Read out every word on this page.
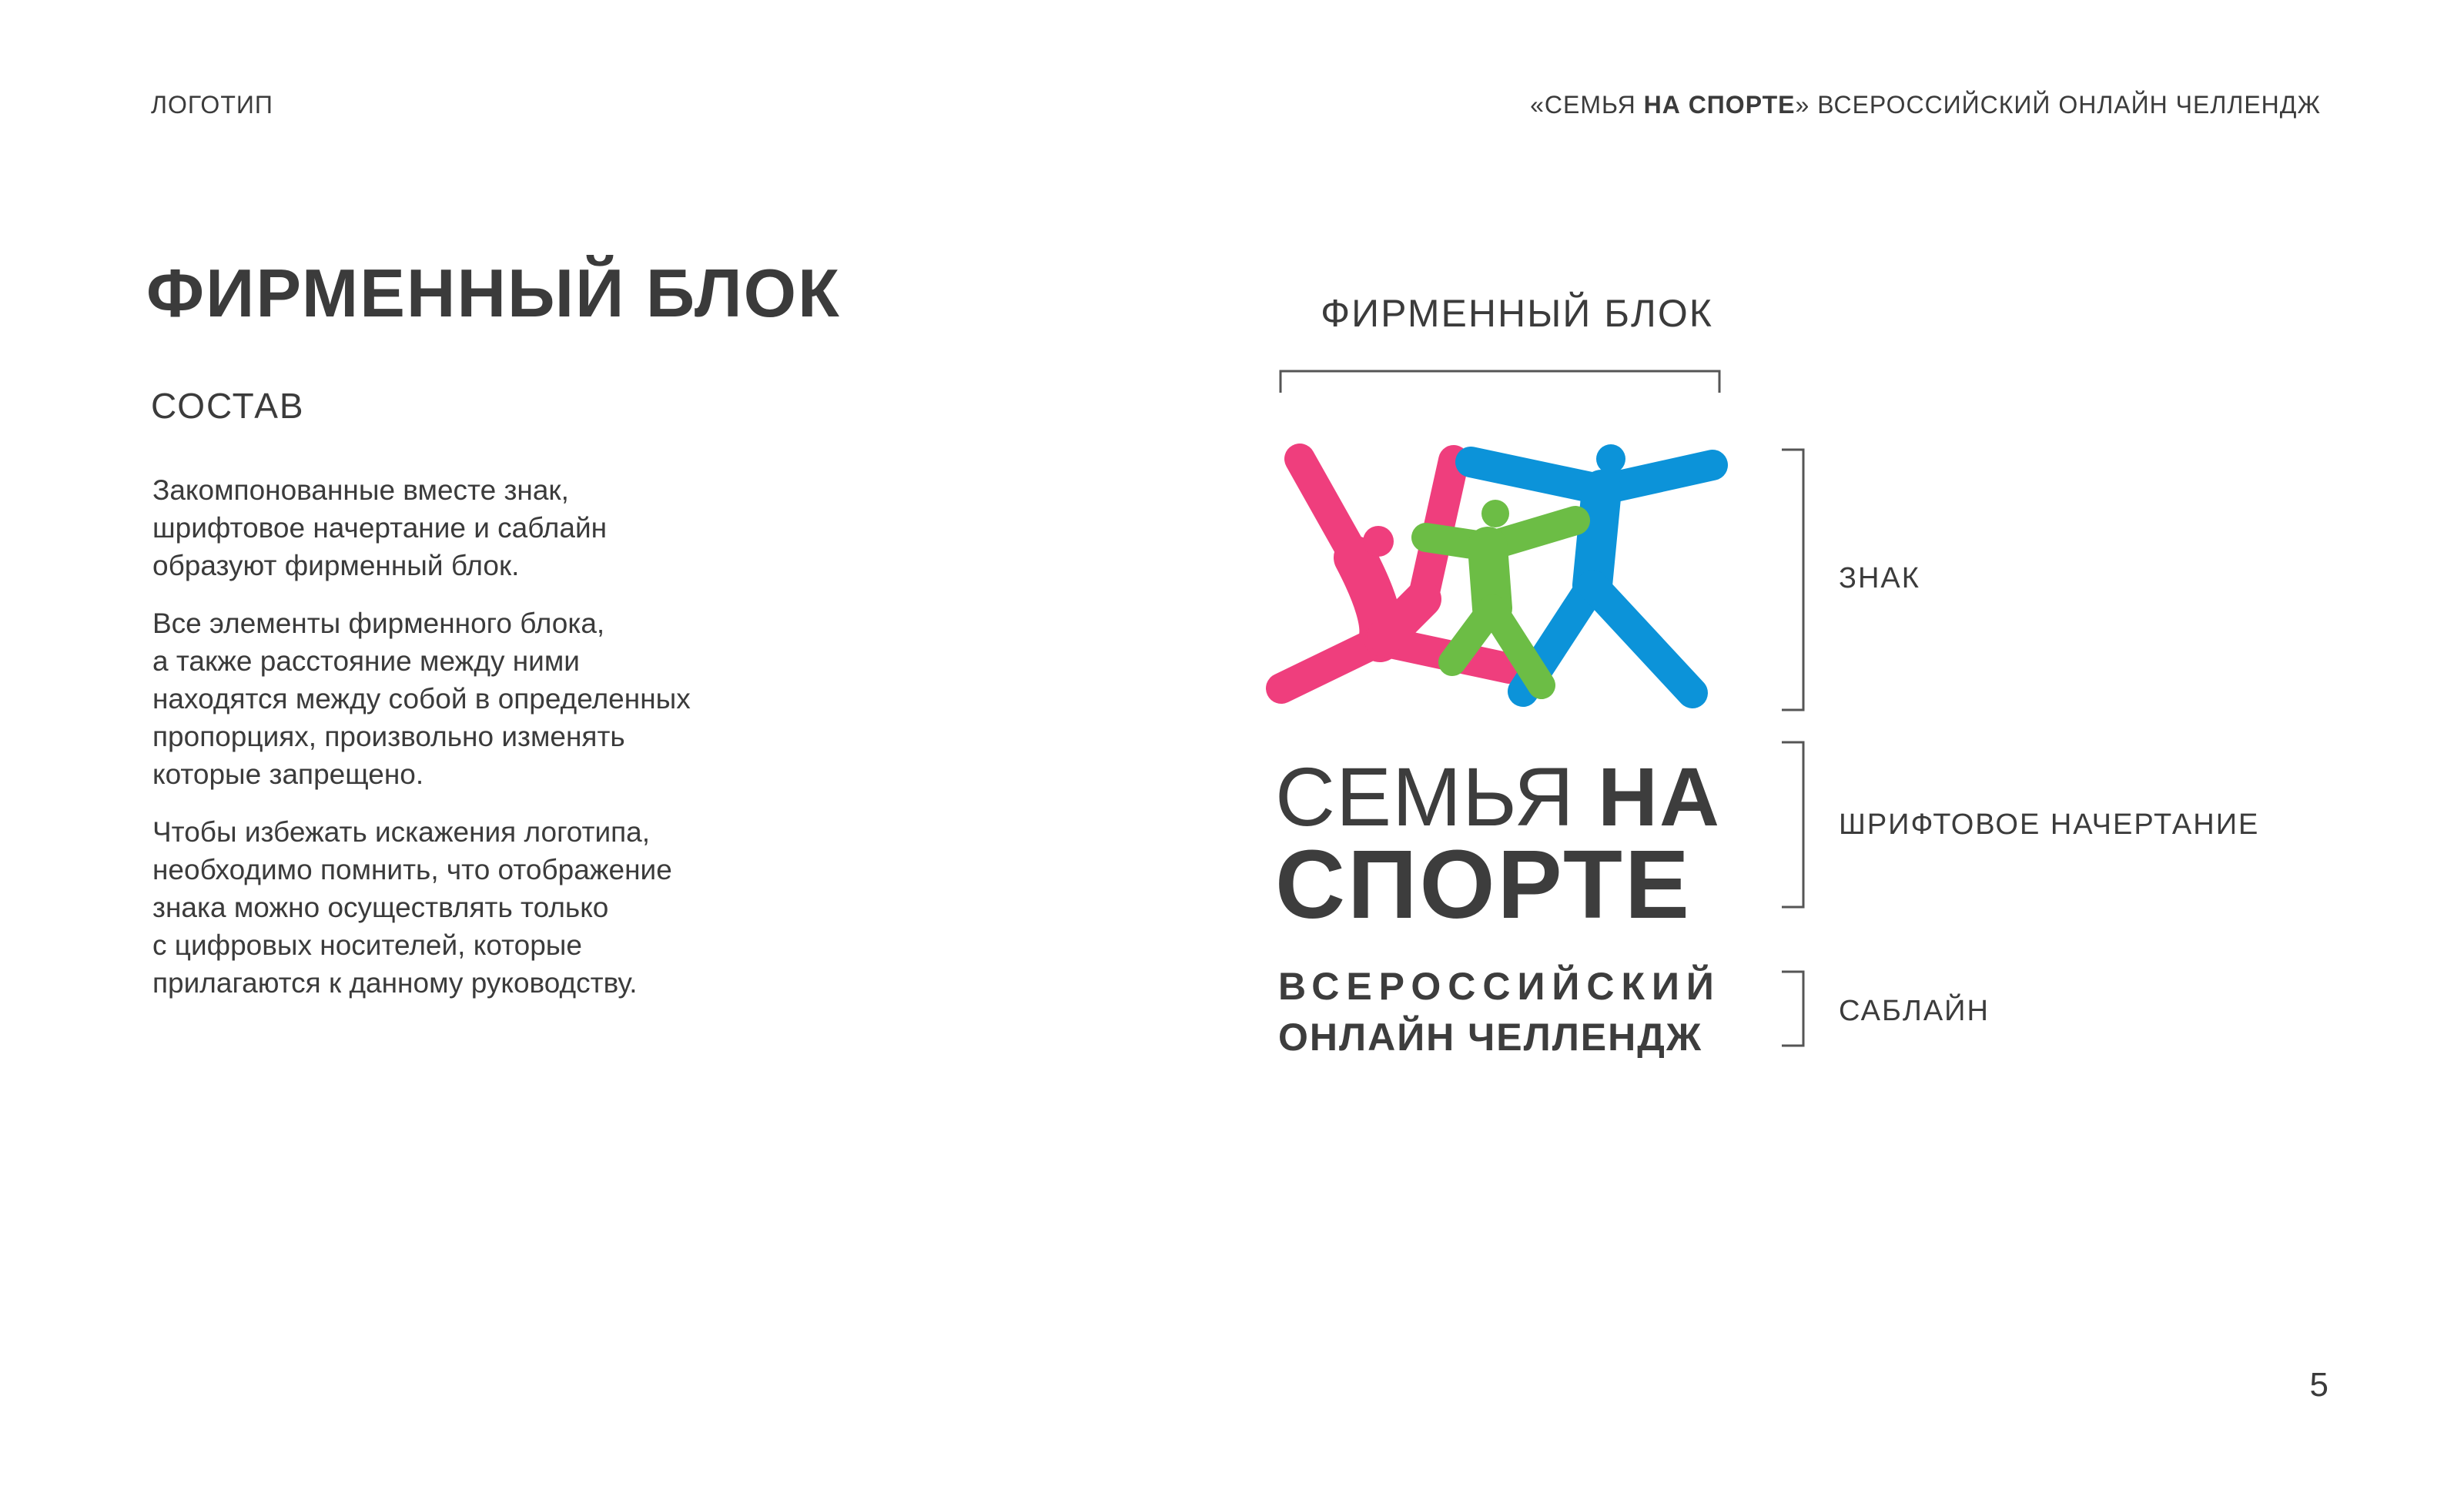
ЛОГОТИП	«СЕМЬЯ НА СПОРТЕ» ВСЕРОССИЙСКИЙ ОНЛАЙН ЧЕЛЛЕНДЖ
ФИРМЕННЫЙ БЛОК
СОСТАВ

Закомпонованные вместе знак,
шрифтовое начертание и саблайн
образуют фирменный блок.

Все элементы фирменного блока,
а также расстояние между ними
находятся между собой в определенных
пропорциях, произвольно изменять
которые запрещено.

Чтобы избежать искажения логотипа,
необходимо помнить, что отображение
знака можно осуществлять только
с цифровых носителей, которые
прилагаются к данному руководству.

ФИРМЕННЫЙ БЛОК
СЕМЬЯ НА
СПОРТЕ
ВСЕРОССИЙСКИЙ
ОНЛАЙН ЧЕЛЛЕНДЖ
ЗНАК
ШРИФТОВОЕ НАЧЕРТАНИЕ
САБЛАЙН
5
